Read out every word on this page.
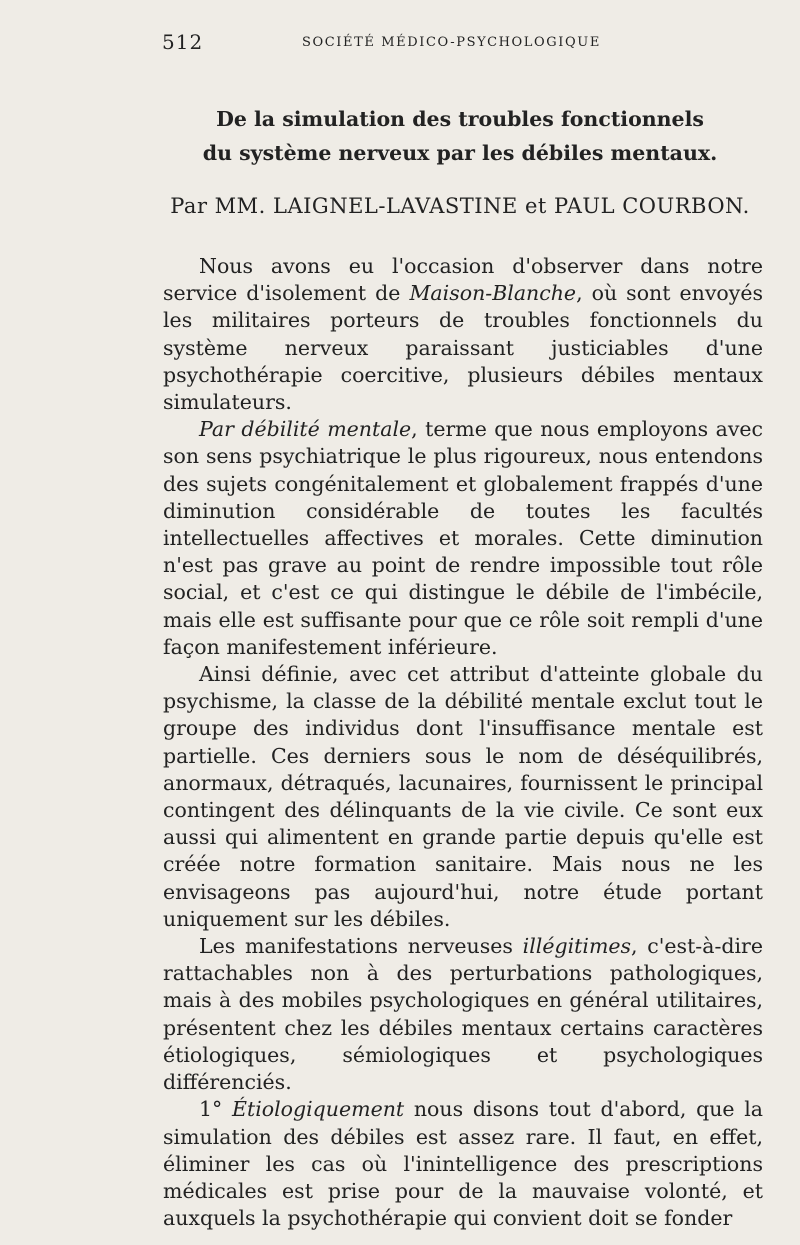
512	SOCIÉTÉ MÉDICO-PSYCHOLOGIQUE
De la simulation des troubles fonctionnels
du système nerveux par les débiles mentaux.
Par MM. LAIGNEL-LAVASTINE et PAUL COURBON.

Nous avons eu l'occasion d'observer dans notre service d'isolement de Maison-Blanche, où sont envoyés les militaires porteurs de troubles fonctionnels du système nerveux paraissant justiciables d'une psychothérapie coercitive, plusieurs débiles mentaux simulateurs.

Par débilité mentale, terme que nous employons avec son sens psychiatrique le plus rigoureux, nous entendons des sujets congénitalement et globalement frappés d'une diminution considérable de toutes les facultés intellectuelles affectives et morales. Cette diminution n'est pas grave au point de rendre impossible tout rôle social, et c'est ce qui distingue le débile de l'imbécile, mais elle est suffisante pour que ce rôle soit rempli d'une façon manifestement inférieure.

Ainsi définie, avec cet attribut d'atteinte globale du psychisme, la classe de la débilité mentale exclut tout le groupe des individus dont l'insuffisance mentale est partielle. Ces derniers sous le nom de déséquilibrés, anormaux, détraqués, lacunaires, fournissent le principal contingent des délinquants de la vie civile. Ce sont eux aussi qui alimentent en grande partie depuis qu'elle est créée notre formation sanitaire. Mais nous ne les envisageons pas aujourd'hui, notre étude portant uniquement sur les débiles.

Les manifestations nerveuses illégitimes, c'est-à-dire rattachables non à des perturbations pathologiques, mais à des mobiles psychologiques en général utilitaires, présentent chez les débiles mentaux certains caractères étiologiques, sémiologiques et psychologiques différenciés.

1° Étiologiquement nous disons tout d'abord, que la simulation des débiles est assez rare. Il faut, en effet, éliminer les cas où l'inintelligence des prescriptions médicales est prise pour de la mauvaise volonté, et auxquels la psychothérapie qui convient doit se fonder
